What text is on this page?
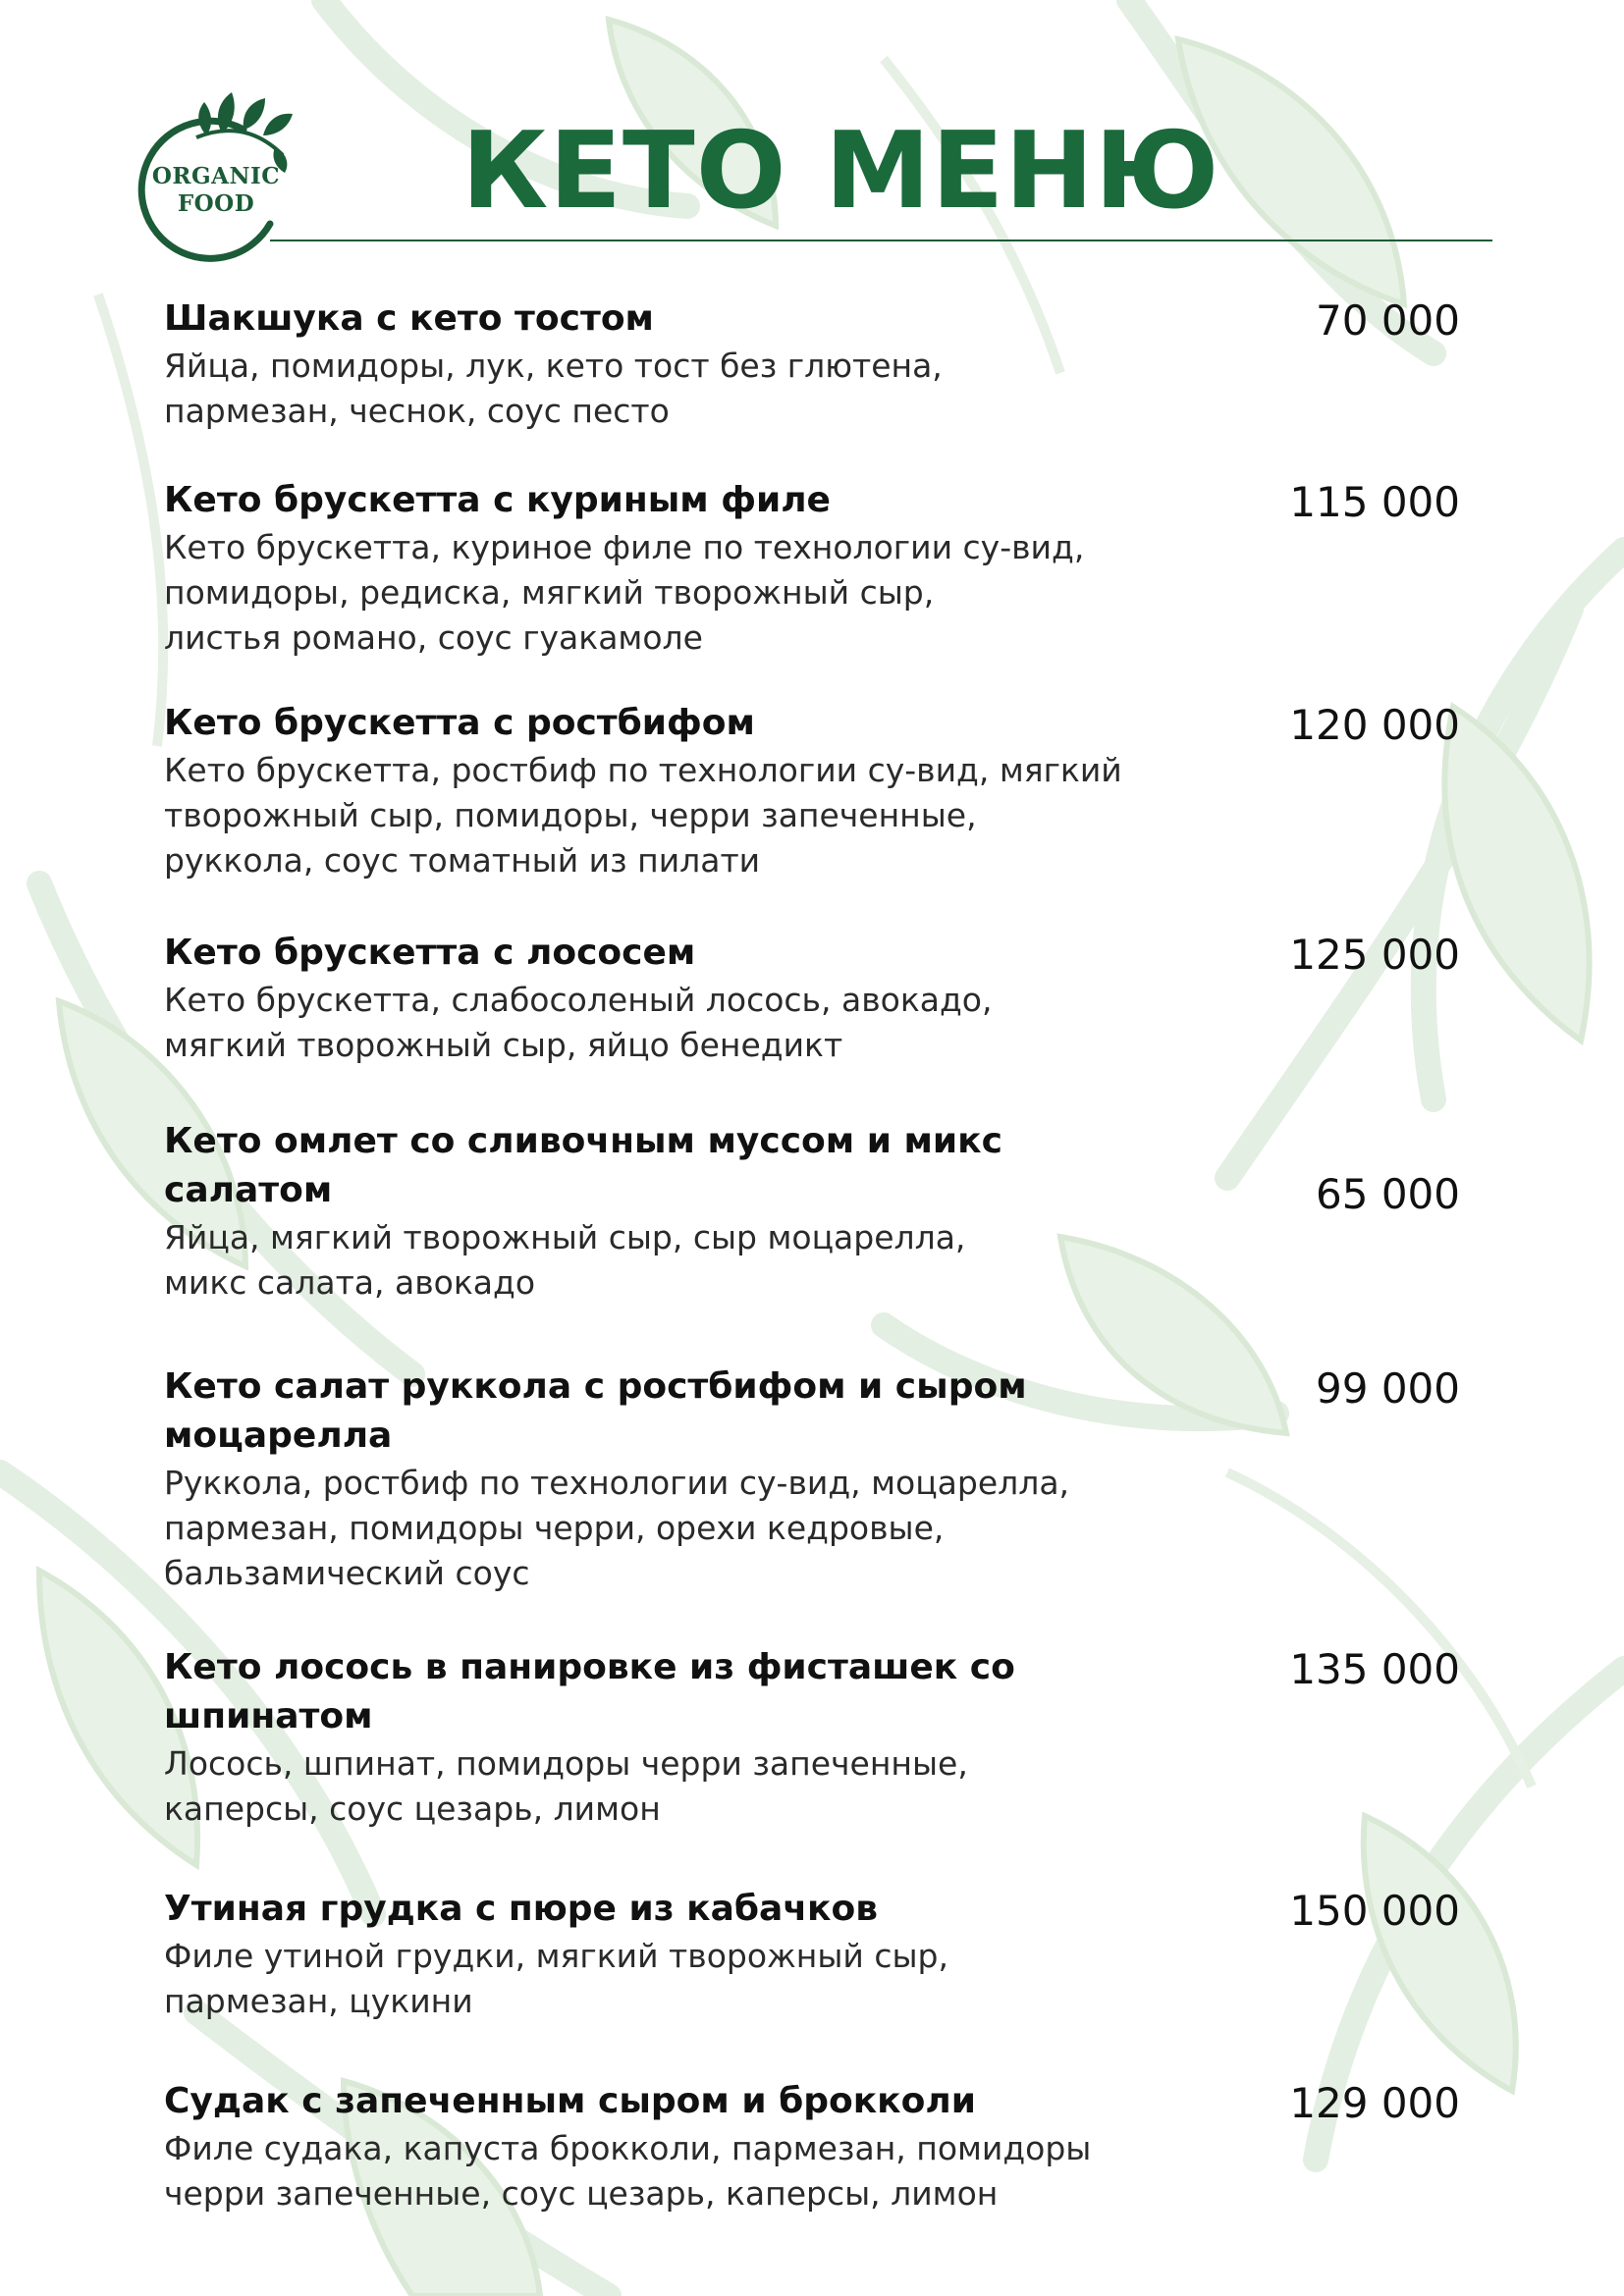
ORGANIC
FOOD КЕТО МЕНЮ
Шакшука с кето тостом
Яйца, помидоры, лук, кето тост без глютена,
пармезан, чеснок, соус песто
70 000
Кето брускетта с куриным филе
Кето брускетта, куриное филе по технологии су-вид,
помидоры, редиска, мягкий творожный сыр,
листья романо, соус гуакамоле
115 000
Кето брускетта с ростбифом
Кето брускетта, ростбиф по технологии су-вид, мягкий
творожный сыр, помидоры, черри запеченные,
руккола, соус томатный из пилати
120 000
Кето брускетта с лососем
Кето брускетта, слабосоленый лосось, авокадо,
мягкий творожный сыр, яйцо бенедикт
125 000
Кето омлет со сливочным муссом и микс салатом
Яйца, мягкий творожный сыр, сыр моцарелла,
микс салата, авокадо
65 000
Кето салат руккола с ростбифом и сыром моцарелла
Руккола, ростбиф по технологии су-вид, моцарелла,
пармезан, помидоры черри, орехи кедровые,
бальзамический соус
99 000
Кето лосось в панировке из фисташек со шпинатом
Лосось, шпинат, помидоры черри запеченные,
каперсы, соус цезарь, лимон
135 000
Утиная грудка с пюре из кабачков
Филе утиной грудки, мягкий творожный сыр,
пармезан, цукини
150 000
Судак с запеченным сыром и брокколи
Филе судака, капуста брокколи, пармезан, помидоры
черри запеченные, соус цезарь, каперсы, лимон
129 000
